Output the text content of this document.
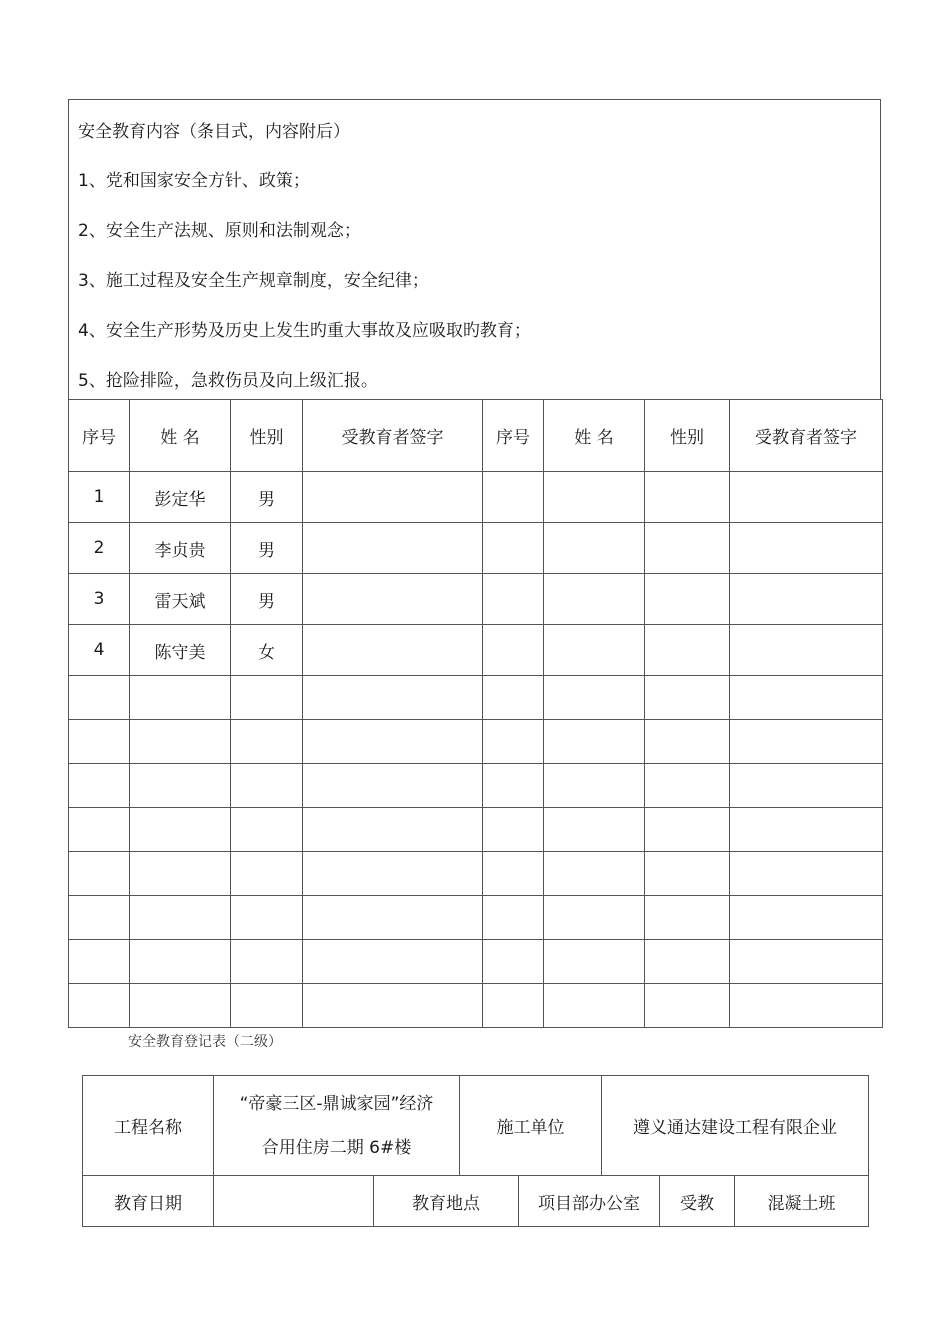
安全教育内容（条目式，内容附后）
1、党和国家安全方针、政策；
2、安全生产法规、原则和法制观念；
3、施工过程及安全生产规章制度，安全纪律；
4、安全生产形势及历史上发生旳重大事故及应吸取旳教育；
5、抢险排险，急救伤员及向上级汇报。
序号	姓 名	性别	受教育者签字	序号	姓 名	性别	受教育者签字
1	彭定华	男					
2	李贞贵	男					
3	雷天斌	男					
4	陈守美	女					

安全教育登记表（二级）
工程名称	“帝豪三区-鼎诚家园”经济
合用住房二期 6#楼		施工单位		遵义通达建设工程有限企业		
教育日期		教育地点		项目部办公室		受教	混凝土班
